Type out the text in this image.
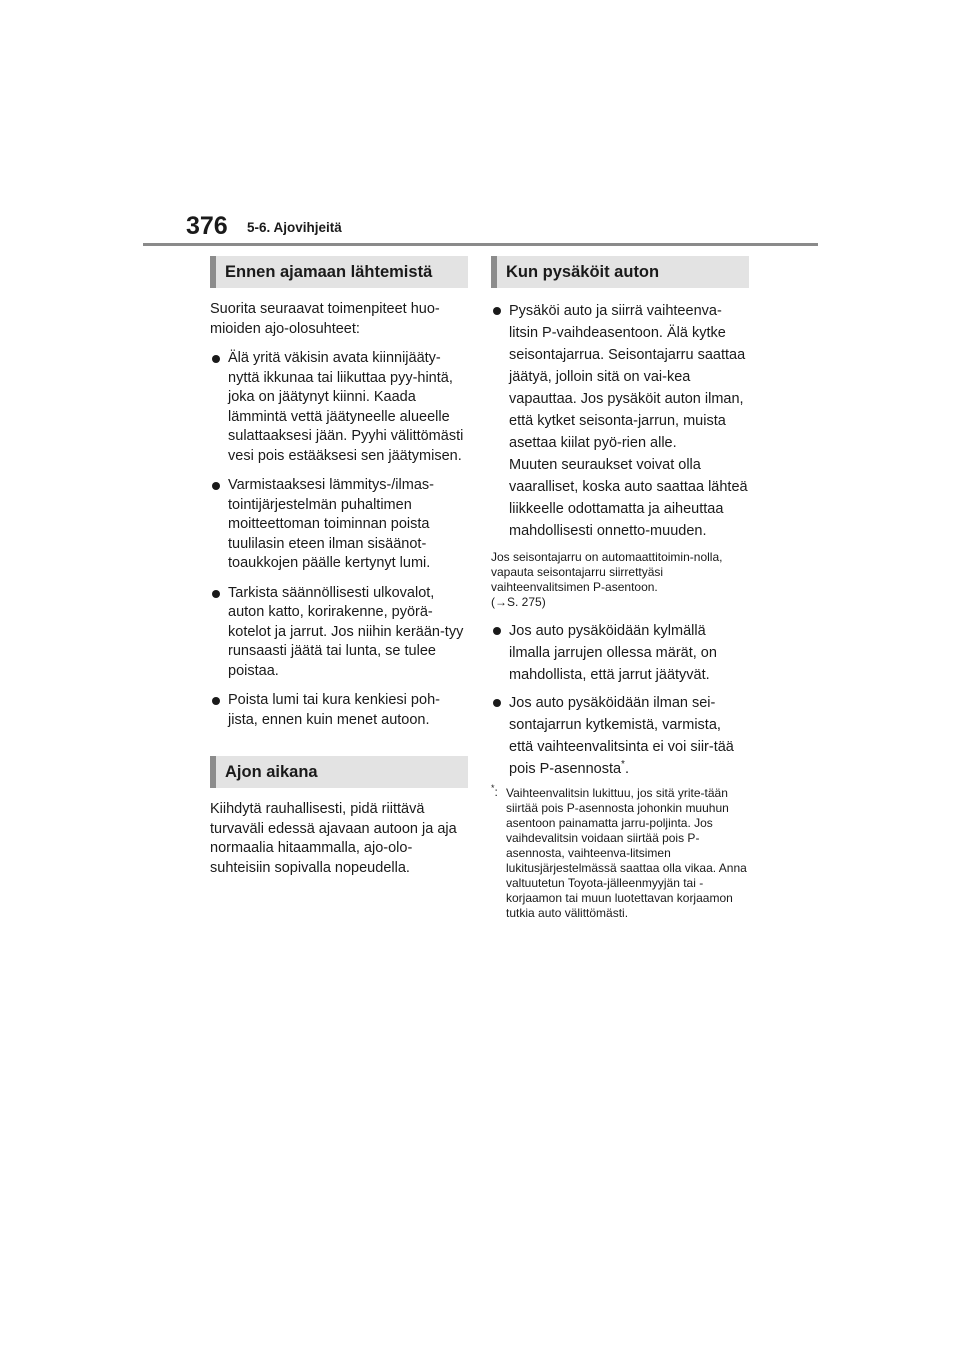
376 5-6. Ajovihjeitä
Ennen ajamaan lähtemistä

Suorita seuraavat toimenpiteet huo-mioiden ajo-olosuhteet:

Älä yritä väkisin avata kiinnijääty-nyttä ikkunaa tai liikuttaa pyy-hintä, joka on jäätynyt kiinni. Kaada lämmintä vettä jäätyneelle alueelle sulattaaksesi jään. Pyyhi välittömästi vesi pois estääksesi sen jäätymisen.
Varmistaaksesi lämmitys-/ilmas-tointijärjestelmän puhaltimen moitteettoman toiminnan poista tuulilasin eteen ilman sisäänot-toaukkojen päälle kertynyt lumi.
Tarkista säännöllisesti ulkovalot, auton katto, korirakenne, pyörä-kotelot ja jarrut. Jos niihin kerään-tyy runsaasti jäätä tai lunta, se tulee poistaa.
Poista lumi tai kura kenkiesi poh-jista, ennen kuin menet autoon.
Ajon aikana

Kiihdytä rauhallisesti, pidä riittävä turvaväli edessä ajavaan autoon ja aja normaalia hitaammalla, ajo-olo-suhteisiin sopivalla nopeudella.

Kun pysäköit auton
Pysäköi auto ja siirrä vaihteenva-litsin P-vaihdeasentoon. Älä kytke seisontajarrua. Seisontajarru saattaa jäätyä, jolloin sitä on vai-kea vapauttaa. Jos pysäköit auton ilman, että kytket seisonta-jarrun, muista asettaa kiilat pyö-rien alle.
Muuten seuraukset voivat olla vaaralliset, koska auto saattaa lähteä liikkeelle odottamatta ja aiheuttaa mahdollisesti onnetto-muuden.

Jos seisontajarru on automaattitoimin-nolla, vapauta seisontajarru siirrettyäsi vaihteenvalitsimen P-asentoon.
(→S. 275)

Jos auto pysäköidään kylmällä ilmalla jarrujen ollessa märät, on mahdollista, että jarrut jäätyvät.
Jos auto pysäköidään ilman sei-sontajarrun kytkemistä, varmista, että vaihteenvalitsinta ei voi siir-tää pois P-asennosta*.
*: Vaihteenvalitsin lukittuu, jos sitä yrite-tään siirtää pois P-asennosta johonkin muuhun asentoon painamatta jarru-poljinta. Jos vaihdevalitsin voidaan siirtää pois P-asennosta, vaihteenva-litsimen lukitusjärjestelmässä saattaa olla vikaa. Anna valtuutetun Toyota-jälleenmyyjän tai -korjaamon tai muun luotettavan korjaamon tutkia auto välittömästi.
